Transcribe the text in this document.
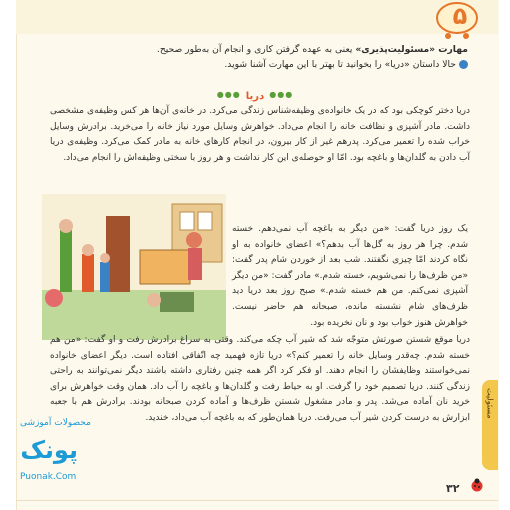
۵
مهارت «مسئولیت‌پذیری» یعنی به عهده گرفتن کاری و انجام آن به‌طور صحیح.
حالا داستان «دریا» را بخوانید تا بهتر با این مهارت آشنا شوید.
●●● دریا ●●●
دریا دختر کوچکی بود که در یک خانواده‌ی وظیفه‌شناس زندگی می‌کرد. در خانه‌ی آن‌ها هر کس وظیفه‌ی مشخصی داشت. مادر آشپزی و نظافت خانه را انجام می‌داد. خواهرش وسایل مورد نیاز خانه را می‌خرید. برادرش وسایل خراب شده را تعمیر می‌کرد. پدرهم غیر از کار بیرون، در انجام کارهای خانه به مادر کمک می‌کرد. وظیفه‌ی دریا آب دادن به گلدان‌ها و باغچه بود. امّا او حوصله‌ی این کار نداشت و هر روز با سختی وظیفه‌اش را انجام می‌داد.
یک روز دریا گفت: «من دیگر به باغچه آب نمی‌دهم. خسته شدم. چرا هر روز به گل‌ها آب بدهم؟» اعضای خانواده به او نگاه کردند امّا چیزی نگفتند. شب بعد از خوردن شام پدر گفت: «من ظرف‌ها را نمی‌شویم، خسته شدم.» مادر گفت: «من دیگر آشپزی نمی‌کنم. من هم خسته شدم.» صبح روز بعد دریا دید ظرف‌های شام نشسته مانده، صبحانه هم حاضر نیست. خواهرش هنوز خواب بود و نان نخریده بود.
دریا موقع شستن صورتش متوجّه شد که شیر آب چکه می‌کند. وقتی به سراغ برادرش رفت و او گفت: «من هم خسته شدم. چه‌قدر وسایل خانه را تعمیر کنم؟» دریا تازه فهمید چه اتّفاقی افتاده است. دیگر اعضای خانواده نمی‌خواستند وظایفشان را انجام دهند. او فکر کرد اگر همه چنین رفتاری داشته باشند دیگر نمی‌توانند به راحتی زندگی کنند. دریا تصمیم خود را گرفت. او به حیاط رفت و گلدان‌ها و باغچه را آب داد. همان وقت خواهرش برای خرید نان آماده می‌شد. پدر و مادر مشغول شستن ظرف‌ها و آماده کردن صبحانه بودند. برادرش هم با جعبه ابزارش به درست کردن شیر آب می‌رفت. دریا همان‌طور که به باغچه آب می‌داد، خندید. مسئولیت
۳۲
محصولات آموزشی
پونک
Puonak.Com
